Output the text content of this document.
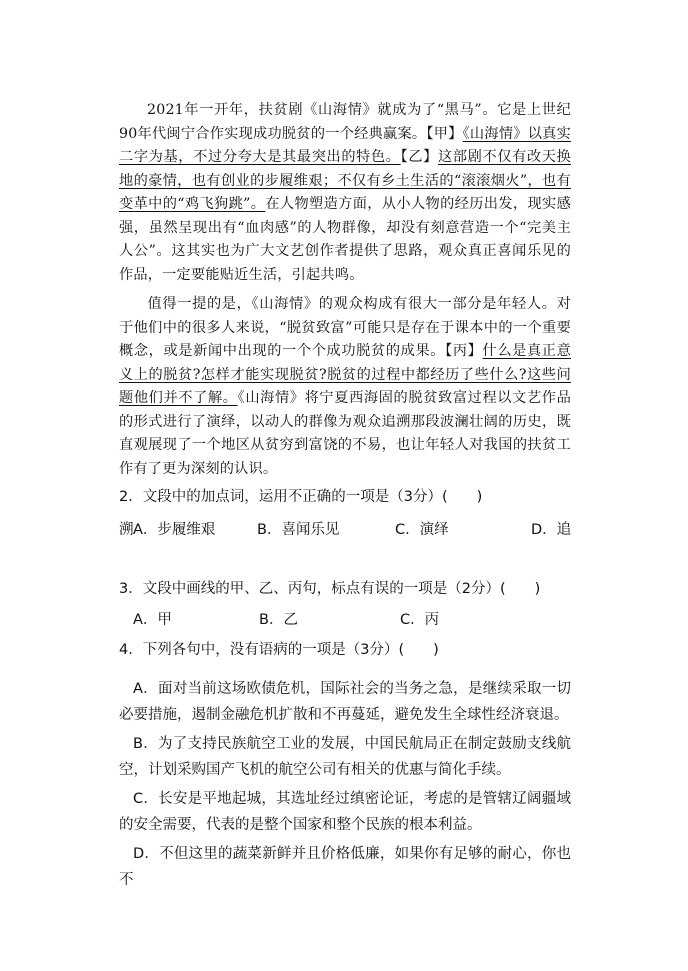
2021年一开年，扶贫剧《山海情》就成为了“黑马”。它是上世纪90年代闽宁合作实现成功脱贫的一个经典赢案。【甲】《山海情》以真实二字为基，不过分夸大是其最突出的特色。【乙】这部剧不仅有改天换地的豪情，也有创业的步履维艰；不仅有乡土生活的“滚滚烟火”，也有变革中的“鸡飞狗跳”。在人物塑造方面，从小人物的经历出发，现实感强，虽然呈现出有“血肉感”的人物群像，却没有刻意营造一个“完美主人公”。这其实也为广大文艺创作者提供了思路，观众真正喜闻乐见的作品，一定要能贴近生活，引起共鸣。
值得一提的是，《山海情》的观众构成有很大一部分是年轻人。对于他们中的很多人来说，“脱贫致富”可能只是存在于课本中的一个重要概念，或是新闻中出现的一个个成功脱贫的成果。【丙】什么是真正意义上的脱贫?怎样才能实现脱贫?脱贫的过程中都经历了些什么?这些问题他们并不了解。《山海情》将宁夏西海固的脱贫致富过程以文艺作品的形式进行了演绎，以动人的群像为观众追溯那段波澜壮阔的历史，既直观展现了一个地区从贫穷到富饶的不易，也让年轻人对我国的扶贫工作有了更为深刻的认识。
2．文段中的加点词，运用不正确的一项是（3分）(　　)
A．步履维艰	B．喜闻乐见	C．演绎	D．追
溯
3．文段中画线的甲、乙、丙句，标点有误的一项是（2分）(　　)
A．甲	B．乙	C．丙
4．下列各句中，没有语病的一项是（3分）(　　)
A．面对当前这场欧债危机，国际社会的当务之急，是继续采取一切必要措施，遏制金融危机扩散和不再蔓延，避免发生全球性经济衰退。
B．为了支持民族航空工业的发展，中国民航局正在制定鼓励支线航空，计划采购国产飞机的航空公司有相关的优惠与简化手续。
C．长安是平地起城，其选址经过缜密论证，考虑的是管辖辽阔疆域的安全需要，代表的是整个国家和整个民族的根本利益。
D．不但这里的蔬菜新鲜并且价格低廉，如果你有足够的耐心，你也不
